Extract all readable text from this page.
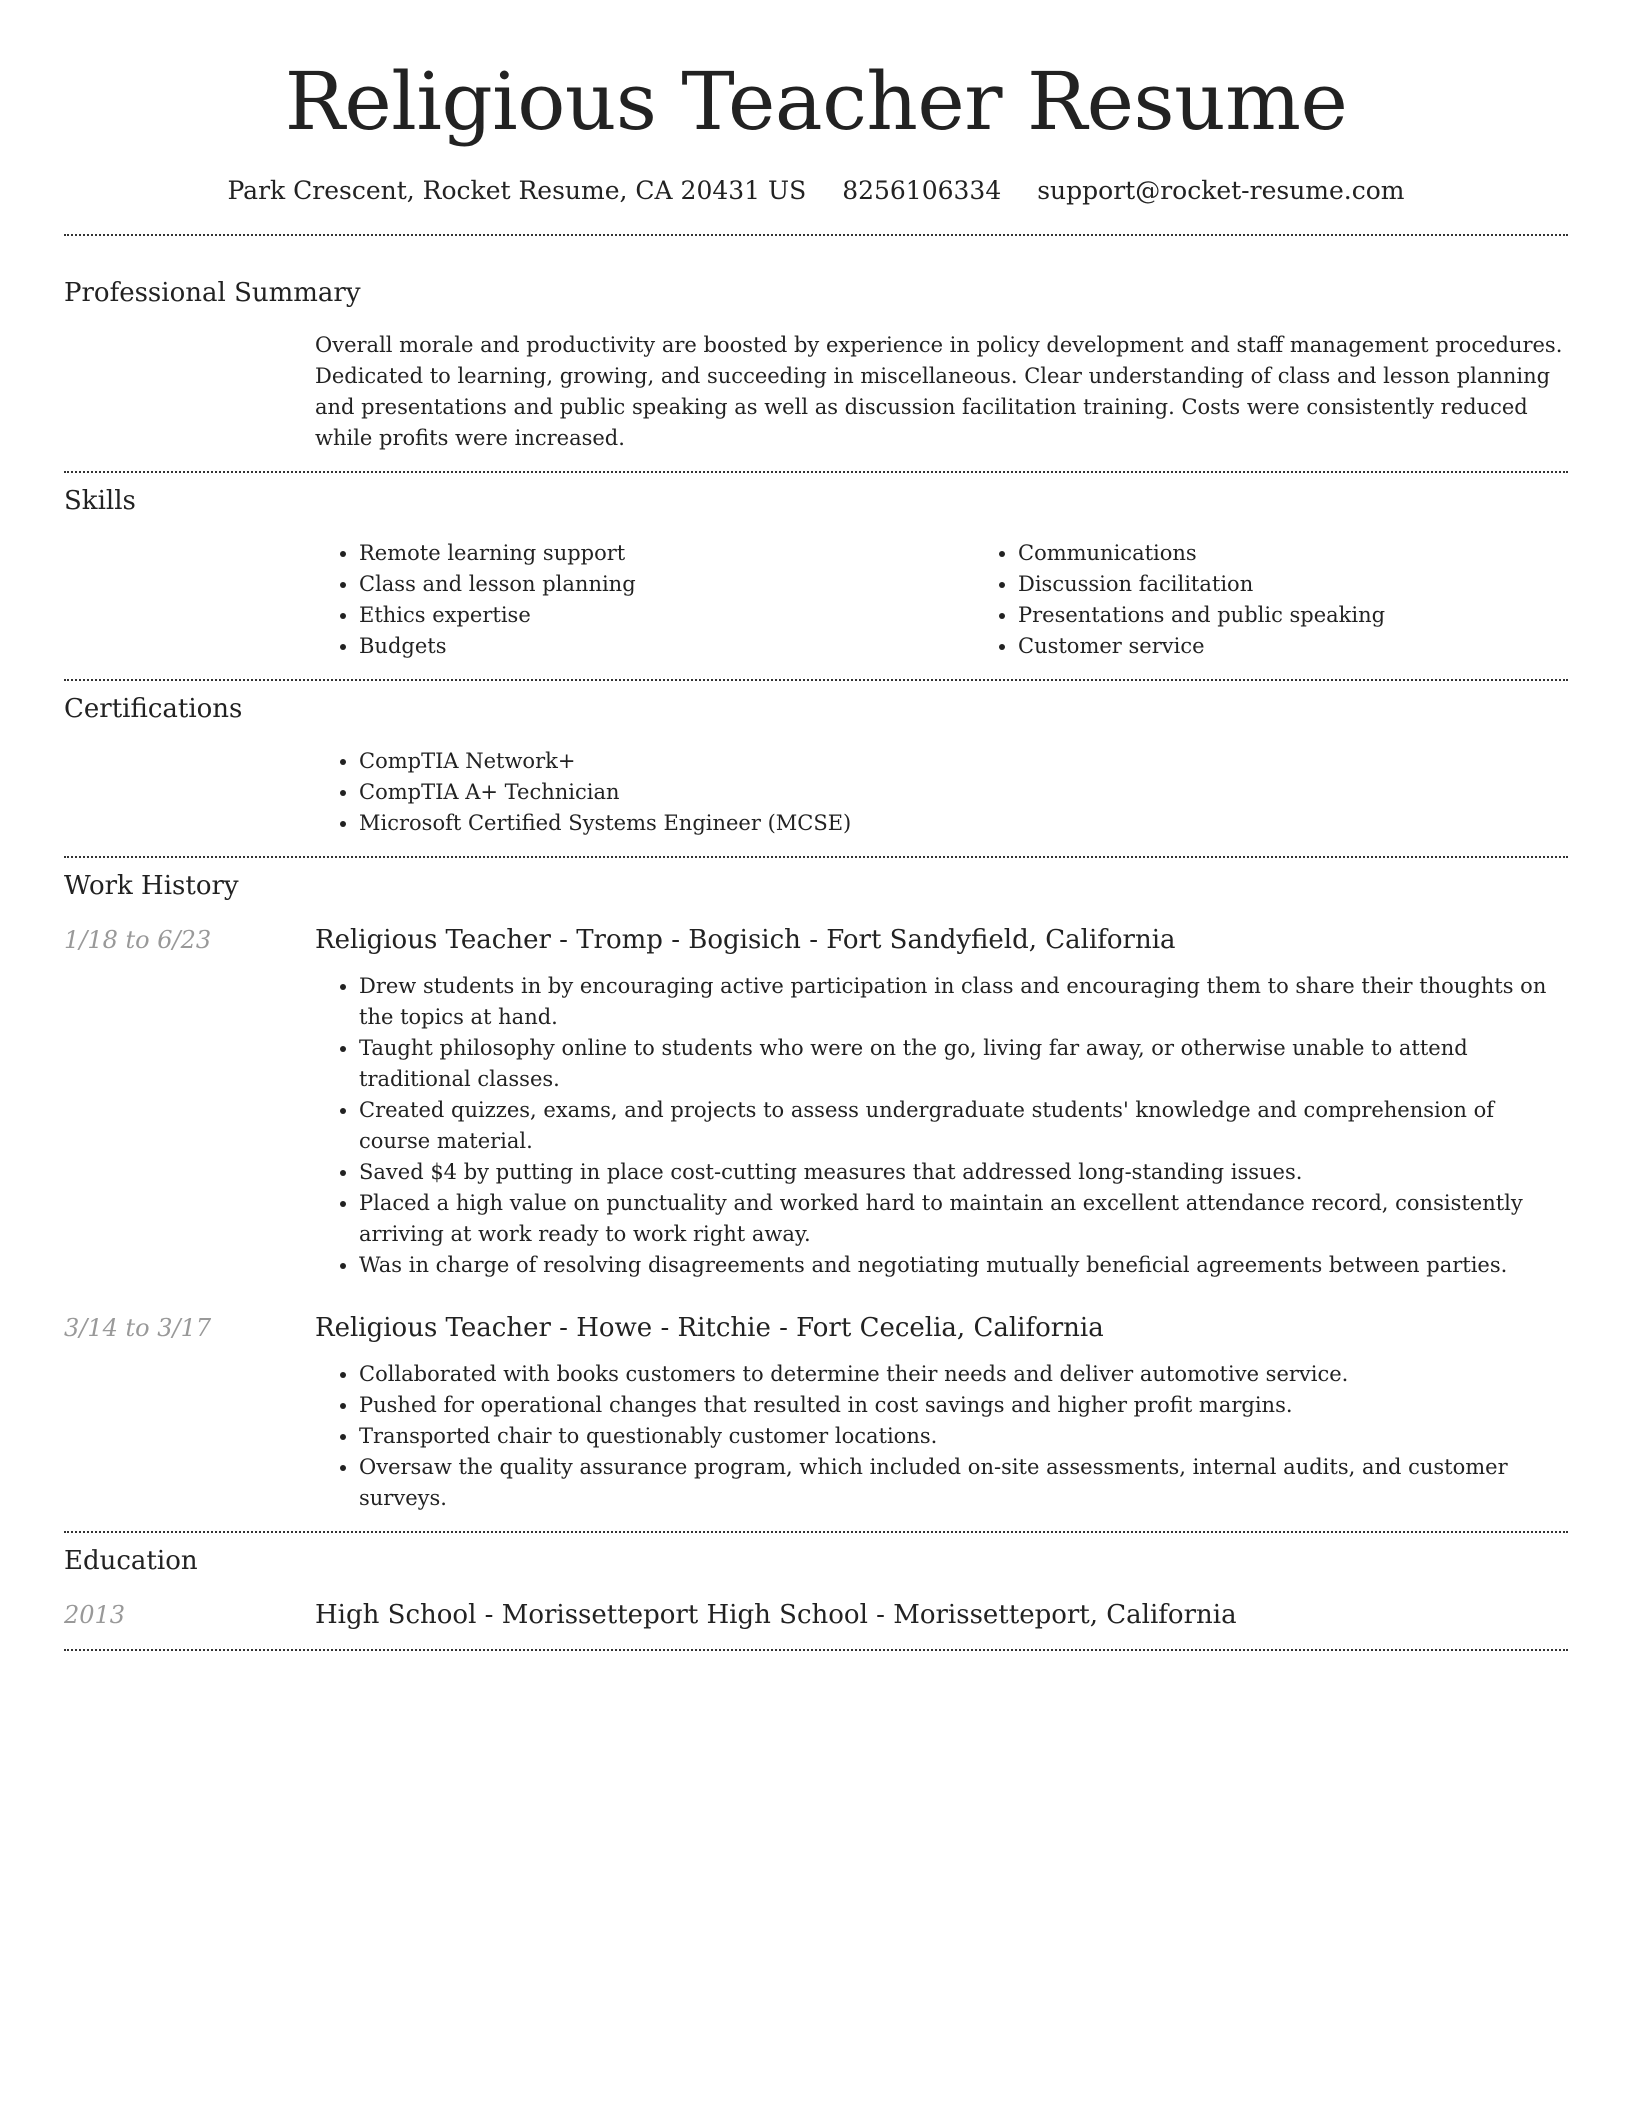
Religious Teacher Resume
Park Crescent, Rocket Resume, CA 20431 US 8256106334 support@rocket-resume.com
Professional Summary

Overall morale and productivity are boosted by experience in policy development and staff management procedures. Dedicated to learning, growing, and succeeding in miscellaneous. Clear understanding of class and lesson planning and presentations and public speaking as well as discussion facilitation training. Costs were consistently reduced while profits were increased.

Skills
• Remote learning support
• Class and lesson planning
• Ethics expertise
• Budgets
• Communications
• Discussion facilitation
• Presentations and public speaking
• Customer service
Certifications
• CompTIA Network+
• CompTIA A+ Technician
• Microsoft Certified Systems Engineer (MCSE)
Work History
1/18 to 6/23	Religious Teacher - Tromp - Bogisich - Fort Sandyfield, California
• Drew students in by encouraging active participation in class and encouraging them to share their thoughts on the topics at hand.
• Taught philosophy online to students who were on the go, living far away, or otherwise unable to attend traditional classes.
• Created quizzes, exams, and projects to assess undergraduate students' knowledge and comprehension of course material.
• Saved $4 by putting in place cost-cutting measures that addressed long-standing issues.
• Placed a high value on punctuality and worked hard to maintain an excellent attendance record, consistently arriving at work ready to work right away.
• Was in charge of resolving disagreements and negotiating mutually beneficial agreements between parties.
3/14 to 3/17	Religious Teacher - Howe - Ritchie - Fort Cecelia, California
• Collaborated with books customers to determine their needs and deliver automotive service.
• Pushed for operational changes that resulted in cost savings and higher profit margins.
• Transported chair to questionably customer locations.
• Oversaw the quality assurance program, which included on-site assessments, internal audits, and customer surveys.
Education
2013	High School - Morissetteport High School - Morissetteport, California
